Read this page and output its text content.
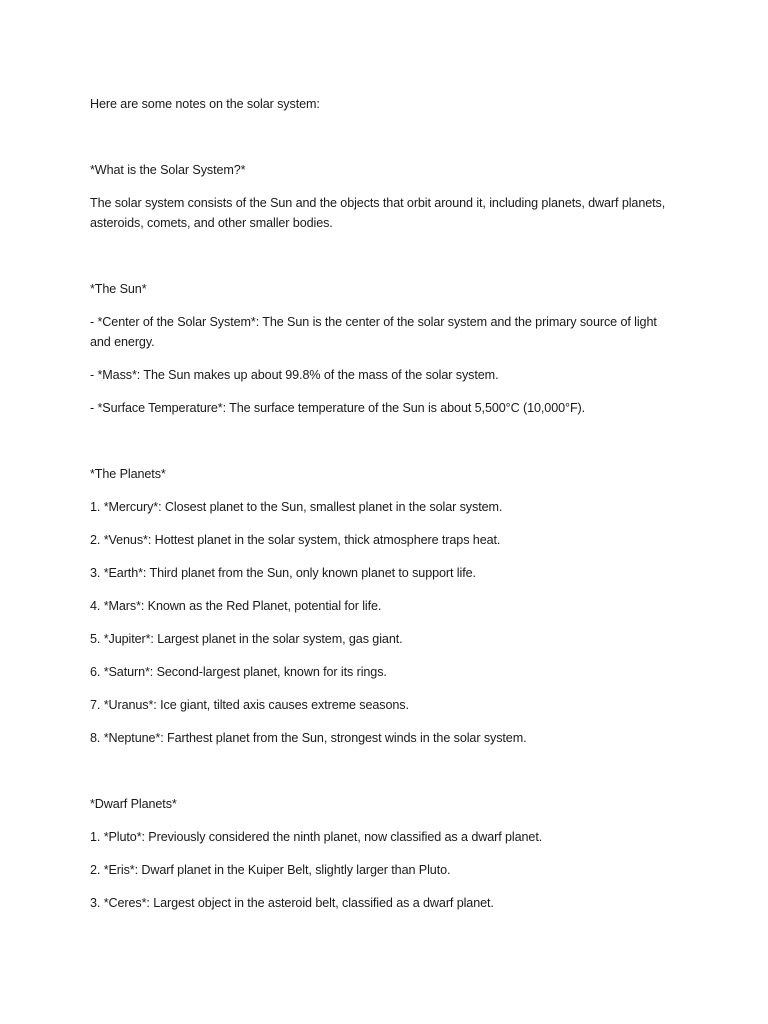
Here are some notes on the solar system:

*What is the Solar System?*

The solar system consists of the Sun and the objects that orbit around it, including planets, dwarf planets, asteroids, comets, and other smaller bodies.

*The Sun*

- *Center of the Solar System*: The Sun is the center of the solar system and the primary source of light and energy.

- *Mass*: The Sun makes up about 99.8% of the mass of the solar system.

- *Surface Temperature*: The surface temperature of the Sun is about 5,500°C (10,000°F).

*The Planets*

1. *Mercury*: Closest planet to the Sun, smallest planet in the solar system.

2. *Venus*: Hottest planet in the solar system, thick atmosphere traps heat.

3. *Earth*: Third planet from the Sun, only known planet to support life.

4. *Mars*: Known as the Red Planet, potential for life.

5. *Jupiter*: Largest planet in the solar system, gas giant.

6. *Saturn*: Second-largest planet, known for its rings.

7. *Uranus*: Ice giant, tilted axis causes extreme seasons.

8. *Neptune*: Farthest planet from the Sun, strongest winds in the solar system.

*Dwarf Planets*

1. *Pluto*: Previously considered the ninth planet, now classified as a dwarf planet.

2. *Eris*: Dwarf planet in the Kuiper Belt, slightly larger than Pluto.

3. *Ceres*: Largest object in the asteroid belt, classified as a dwarf planet.
